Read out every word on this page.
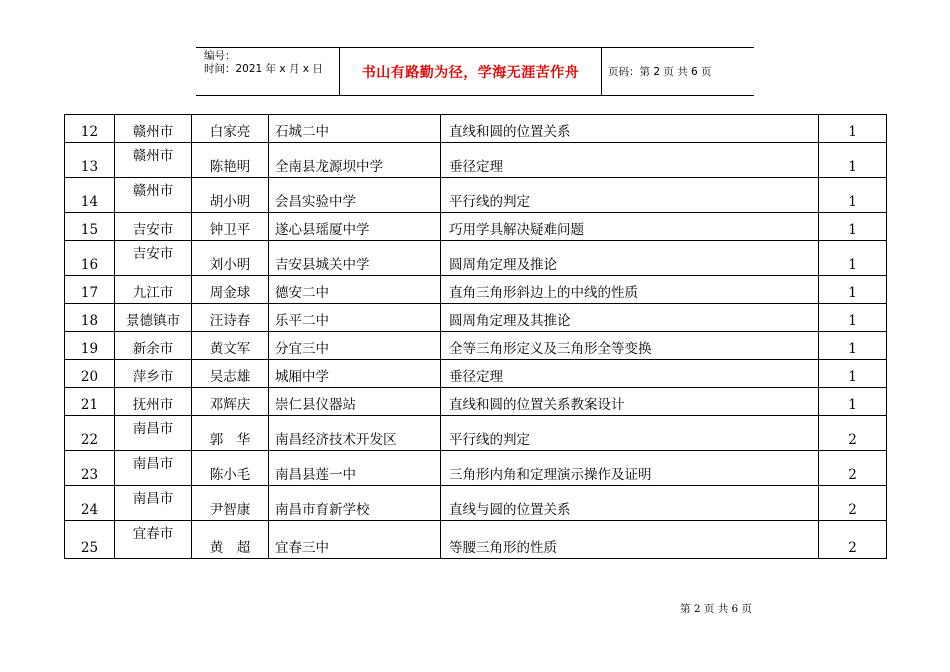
编号：
时间：2021 年 x 月 x 日	书山有路勤为径，学海无涯苦作舟	页码：第 2 页 共 6 页
12	赣州市	白家亮	石城二中	直线和圆的位置关系	1
13	赣州市	陈艳明	全南县龙源坝中学	垂径定理	1
14	赣州市	胡小明	会昌实验中学	平行线的判定	1
15	吉安市	钟卫平	遂心县瑶厦中学	巧用学具解决疑难问题	1
16	吉安市	刘小明	吉安县城关中学	圆周角定理及推论	1
17	九江市	周金球	德安二中	直角三角形斜边上的中线的性质	1
18	景德镇市	汪诗春	乐平二中	圆周角定理及其推论	1
19	新余市	黄文军	分宜三中	全等三角形定义及三角形全等变换	1
20	萍乡市	吴志雄	城厢中学	垂径定理	1
21	抚州市	邓辉庆	崇仁县仪器站	直线和圆的位置关系教案设计	1
22	南昌市	郭　华	南昌经济技术开发区	平行线的判定	2
23	南昌市	陈小毛	南昌县莲一中	三角形内角和定理演示操作及证明	2
24	南昌市	尹智康	南昌市育新学校	直线与圆的位置关系	2
25	宜春市	黄　超	宜春三中	等腰三角形的性质	2
第 2 页 共 6 页
